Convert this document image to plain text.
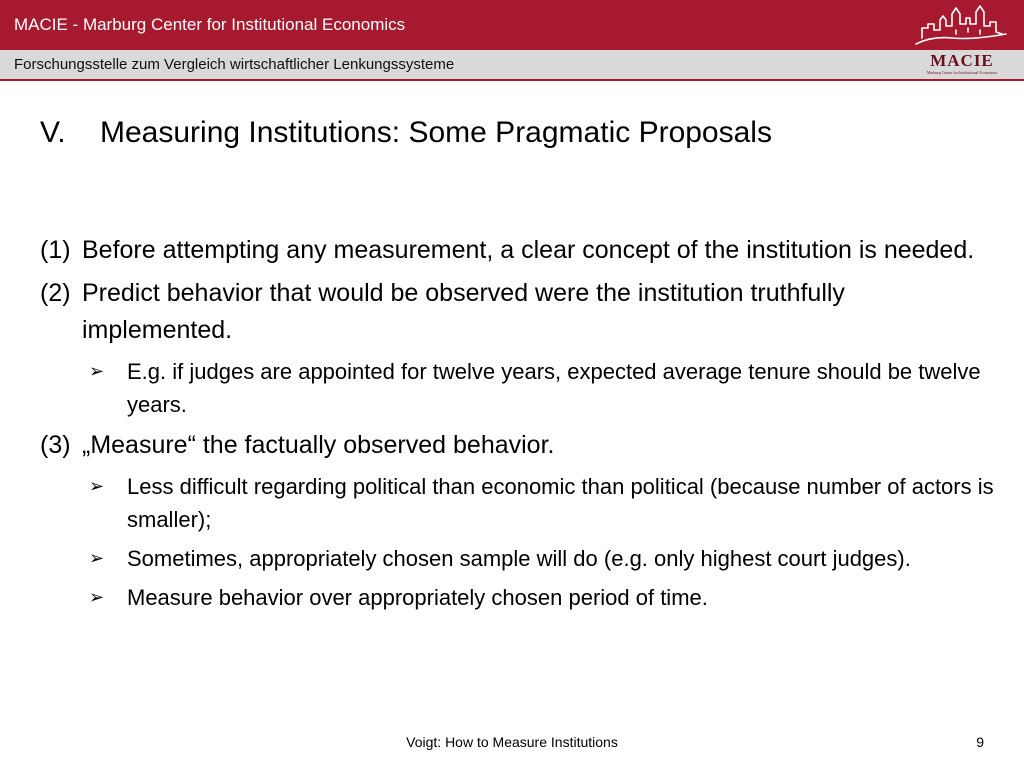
MACIE - Marburg Center for Institutional Economics
Forschungsstelle zum Vergleich wirtschaftlicher Lenkungssysteme	MACIE
Marburg Center for Institutional Economics
V. Measuring Institutions: Some Pragmatic Proposals
(1) Before attempting any measurement, a clear concept of the institution is needed.
(2) Predict behavior that would be observed were the institution truthfully implemented.
➢	E.g. if judges are appointed for twelve years, expected average tenure should be twelve years.
(3) „Measure“ the factually observed behavior.
➢	Less difficult regarding political than economic than political (because number of actors is smaller);
➢	Sometimes, appropriately chosen sample will do (e.g. only highest court judges).
➢	Measure behavior over appropriately chosen period of time.
Voigt: How to Measure Institutions	9
